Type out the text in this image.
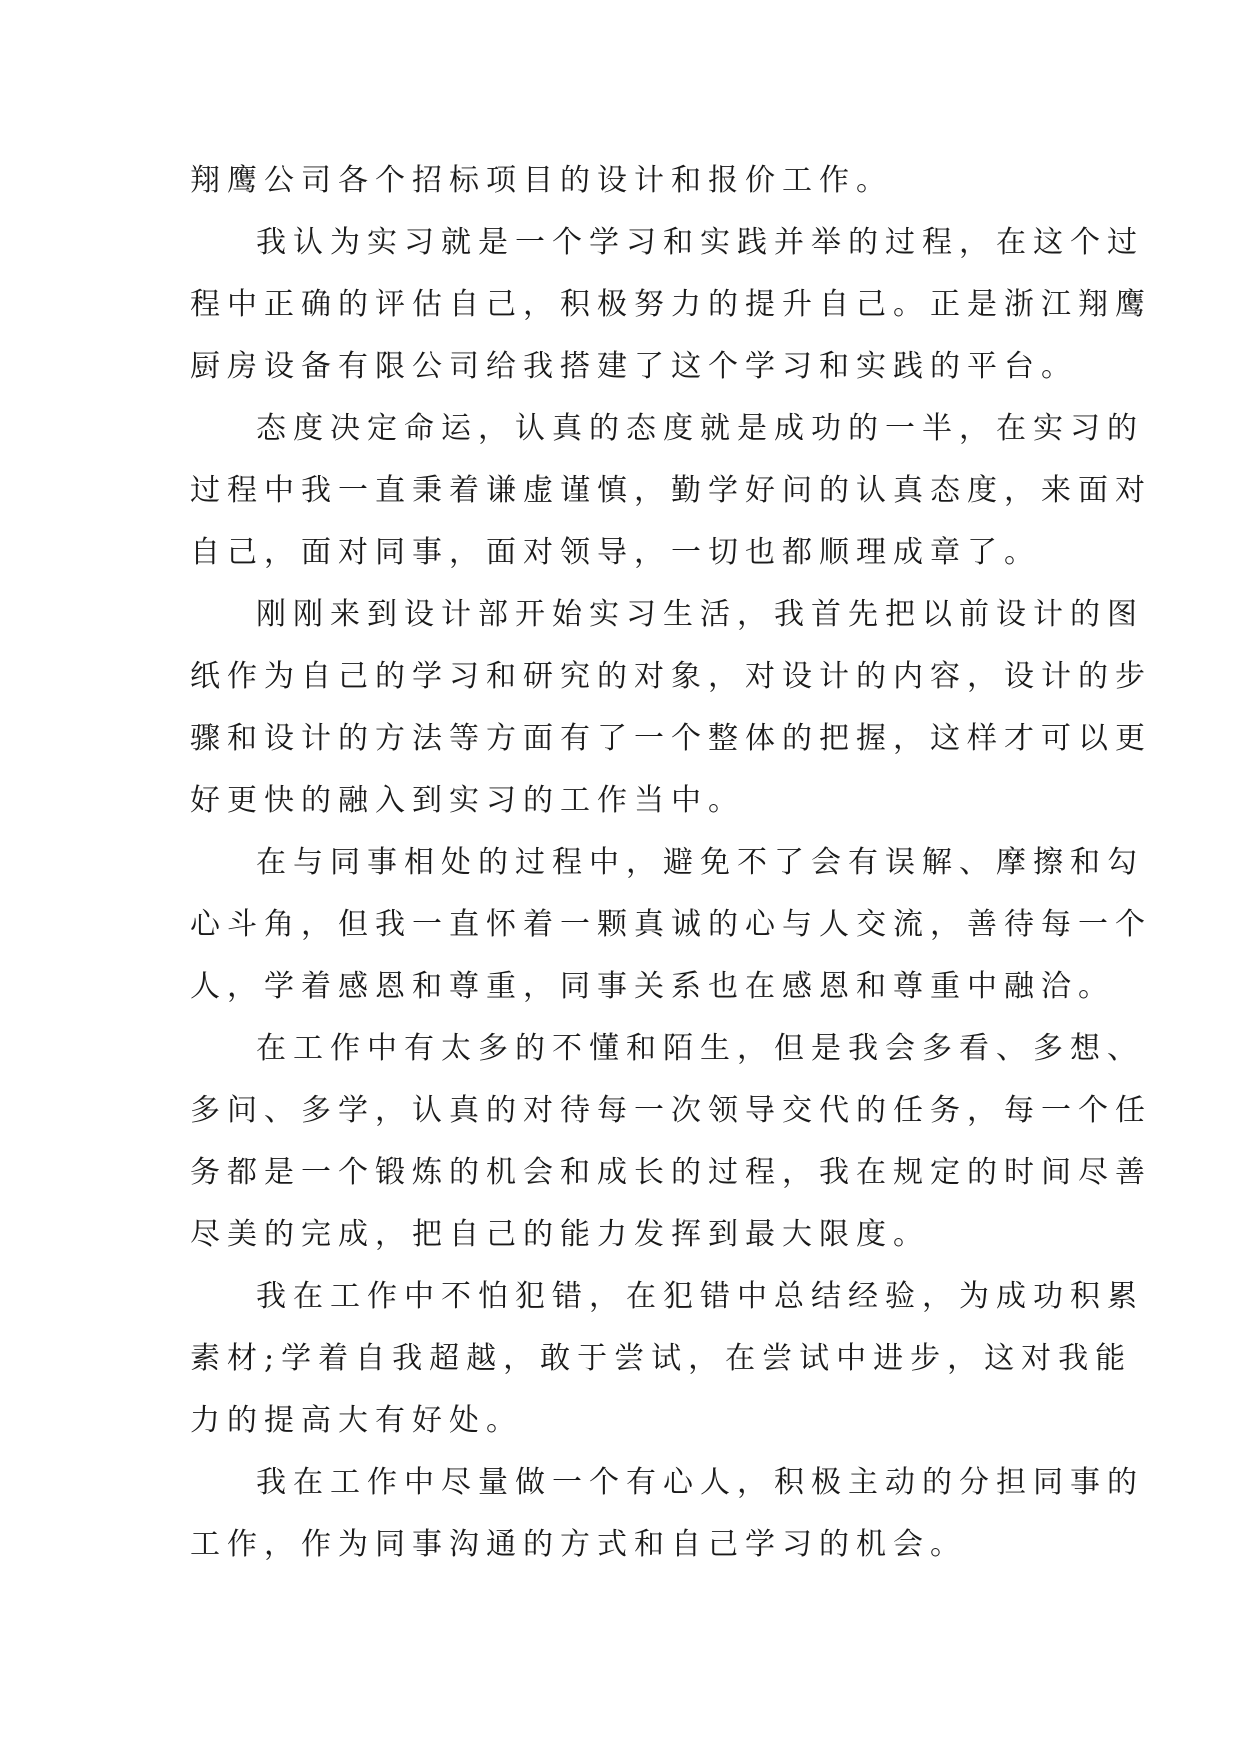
翔鹰公司各个招标项目的设计和报价工作。
我认为实习就是一个学习和实践并举的过程，在这个过
程中正确的评估自己，积极努力的提升自己。正是浙江翔鹰
厨房设备有限公司给我搭建了这个学习和实践的平台。
态度决定命运，认真的态度就是成功的一半，在实习的
过程中我一直秉着谦虚谨慎，勤学好问的认真态度，来面对
自己，面对同事，面对领导，一切也都顺理成章了。
刚刚来到设计部开始实习生活，我首先把以前设计的图
纸作为自己的学习和研究的对象，对设计的内容，设计的步
骤和设计的方法等方面有了一个整体的把握，这样才可以更
好更快的融入到实习的工作当中。
在与同事相处的过程中，避免不了会有误解、摩擦和勾
心斗角，但我一直怀着一颗真诚的心与人交流，善待每一个
人，学着感恩和尊重，同事关系也在感恩和尊重中融洽。
在工作中有太多的不懂和陌生，但是我会多看、多想、
多问、多学，认真的对待每一次领导交代的任务，每一个任
务都是一个锻炼的机会和成长的过程，我在规定的时间尽善
尽美的完成，把自己的能力发挥到最大限度。
我在工作中不怕犯错，在犯错中总结经验，为成功积累
素材;学着自我超越，敢于尝试，在尝试中进步，这对我能
力的提高大有好处。
我在工作中尽量做一个有心人，积极主动的分担同事的
工作，作为同事沟通的方式和自己学习的机会。
